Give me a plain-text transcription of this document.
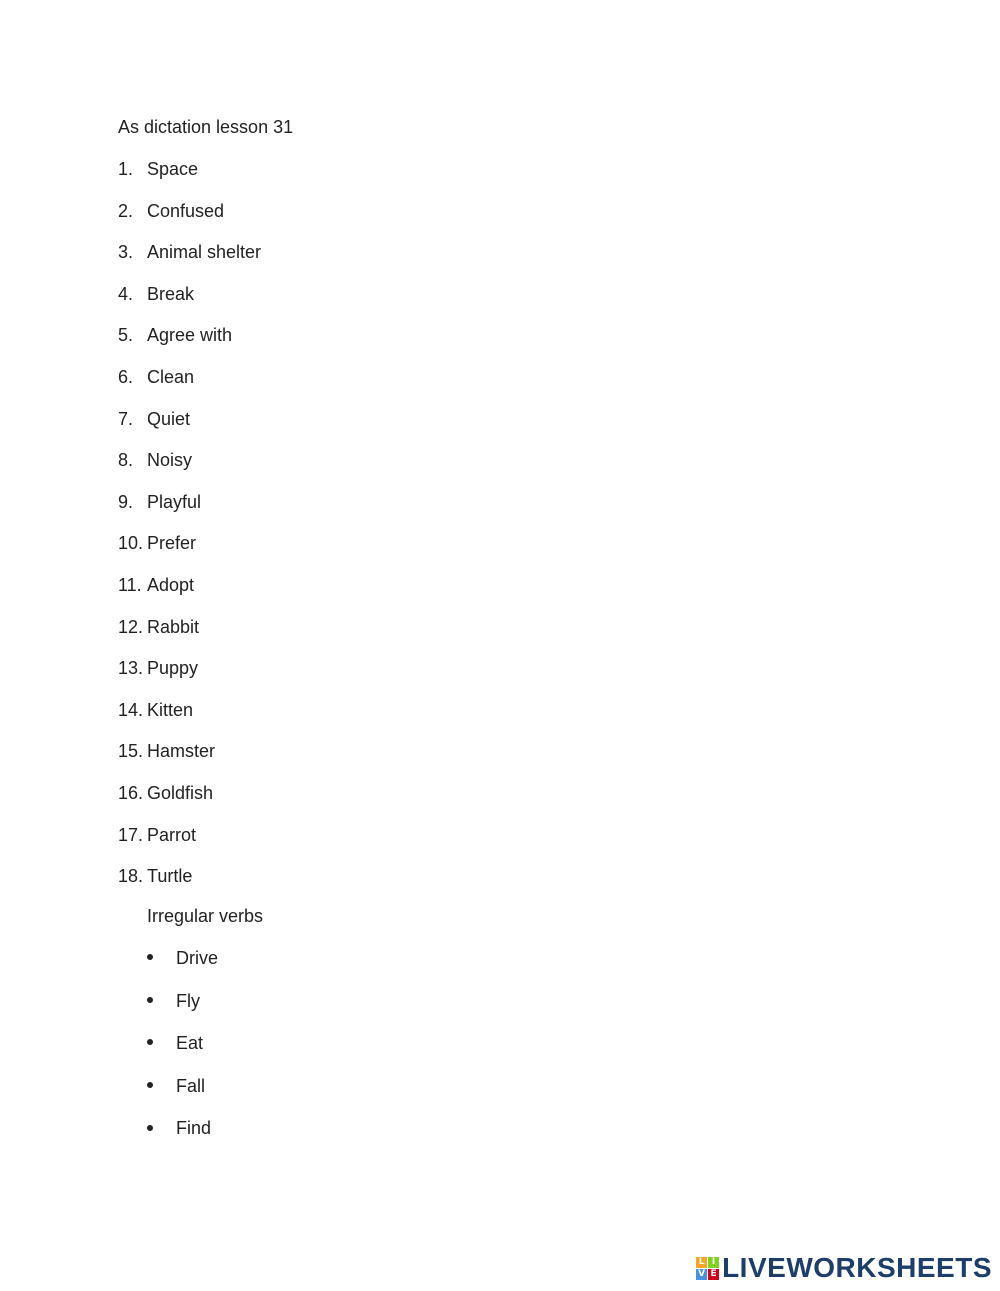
As dictation lesson 31
1. Space
2. Confused
3. Animal shelter
4. Break
5. Agree with
6. Clean
7. Quiet
8. Noisy
9. Playful
10. Prefer
11. Adopt
12. Rabbit
13. Puppy
14. Kitten
15. Hamster
16. Goldfish
17. Parrot
18. Turtle
Irregular verbs
Drive
Fly
Eat
Fall
Find
L I
V E LIVEWORKSHEETS
